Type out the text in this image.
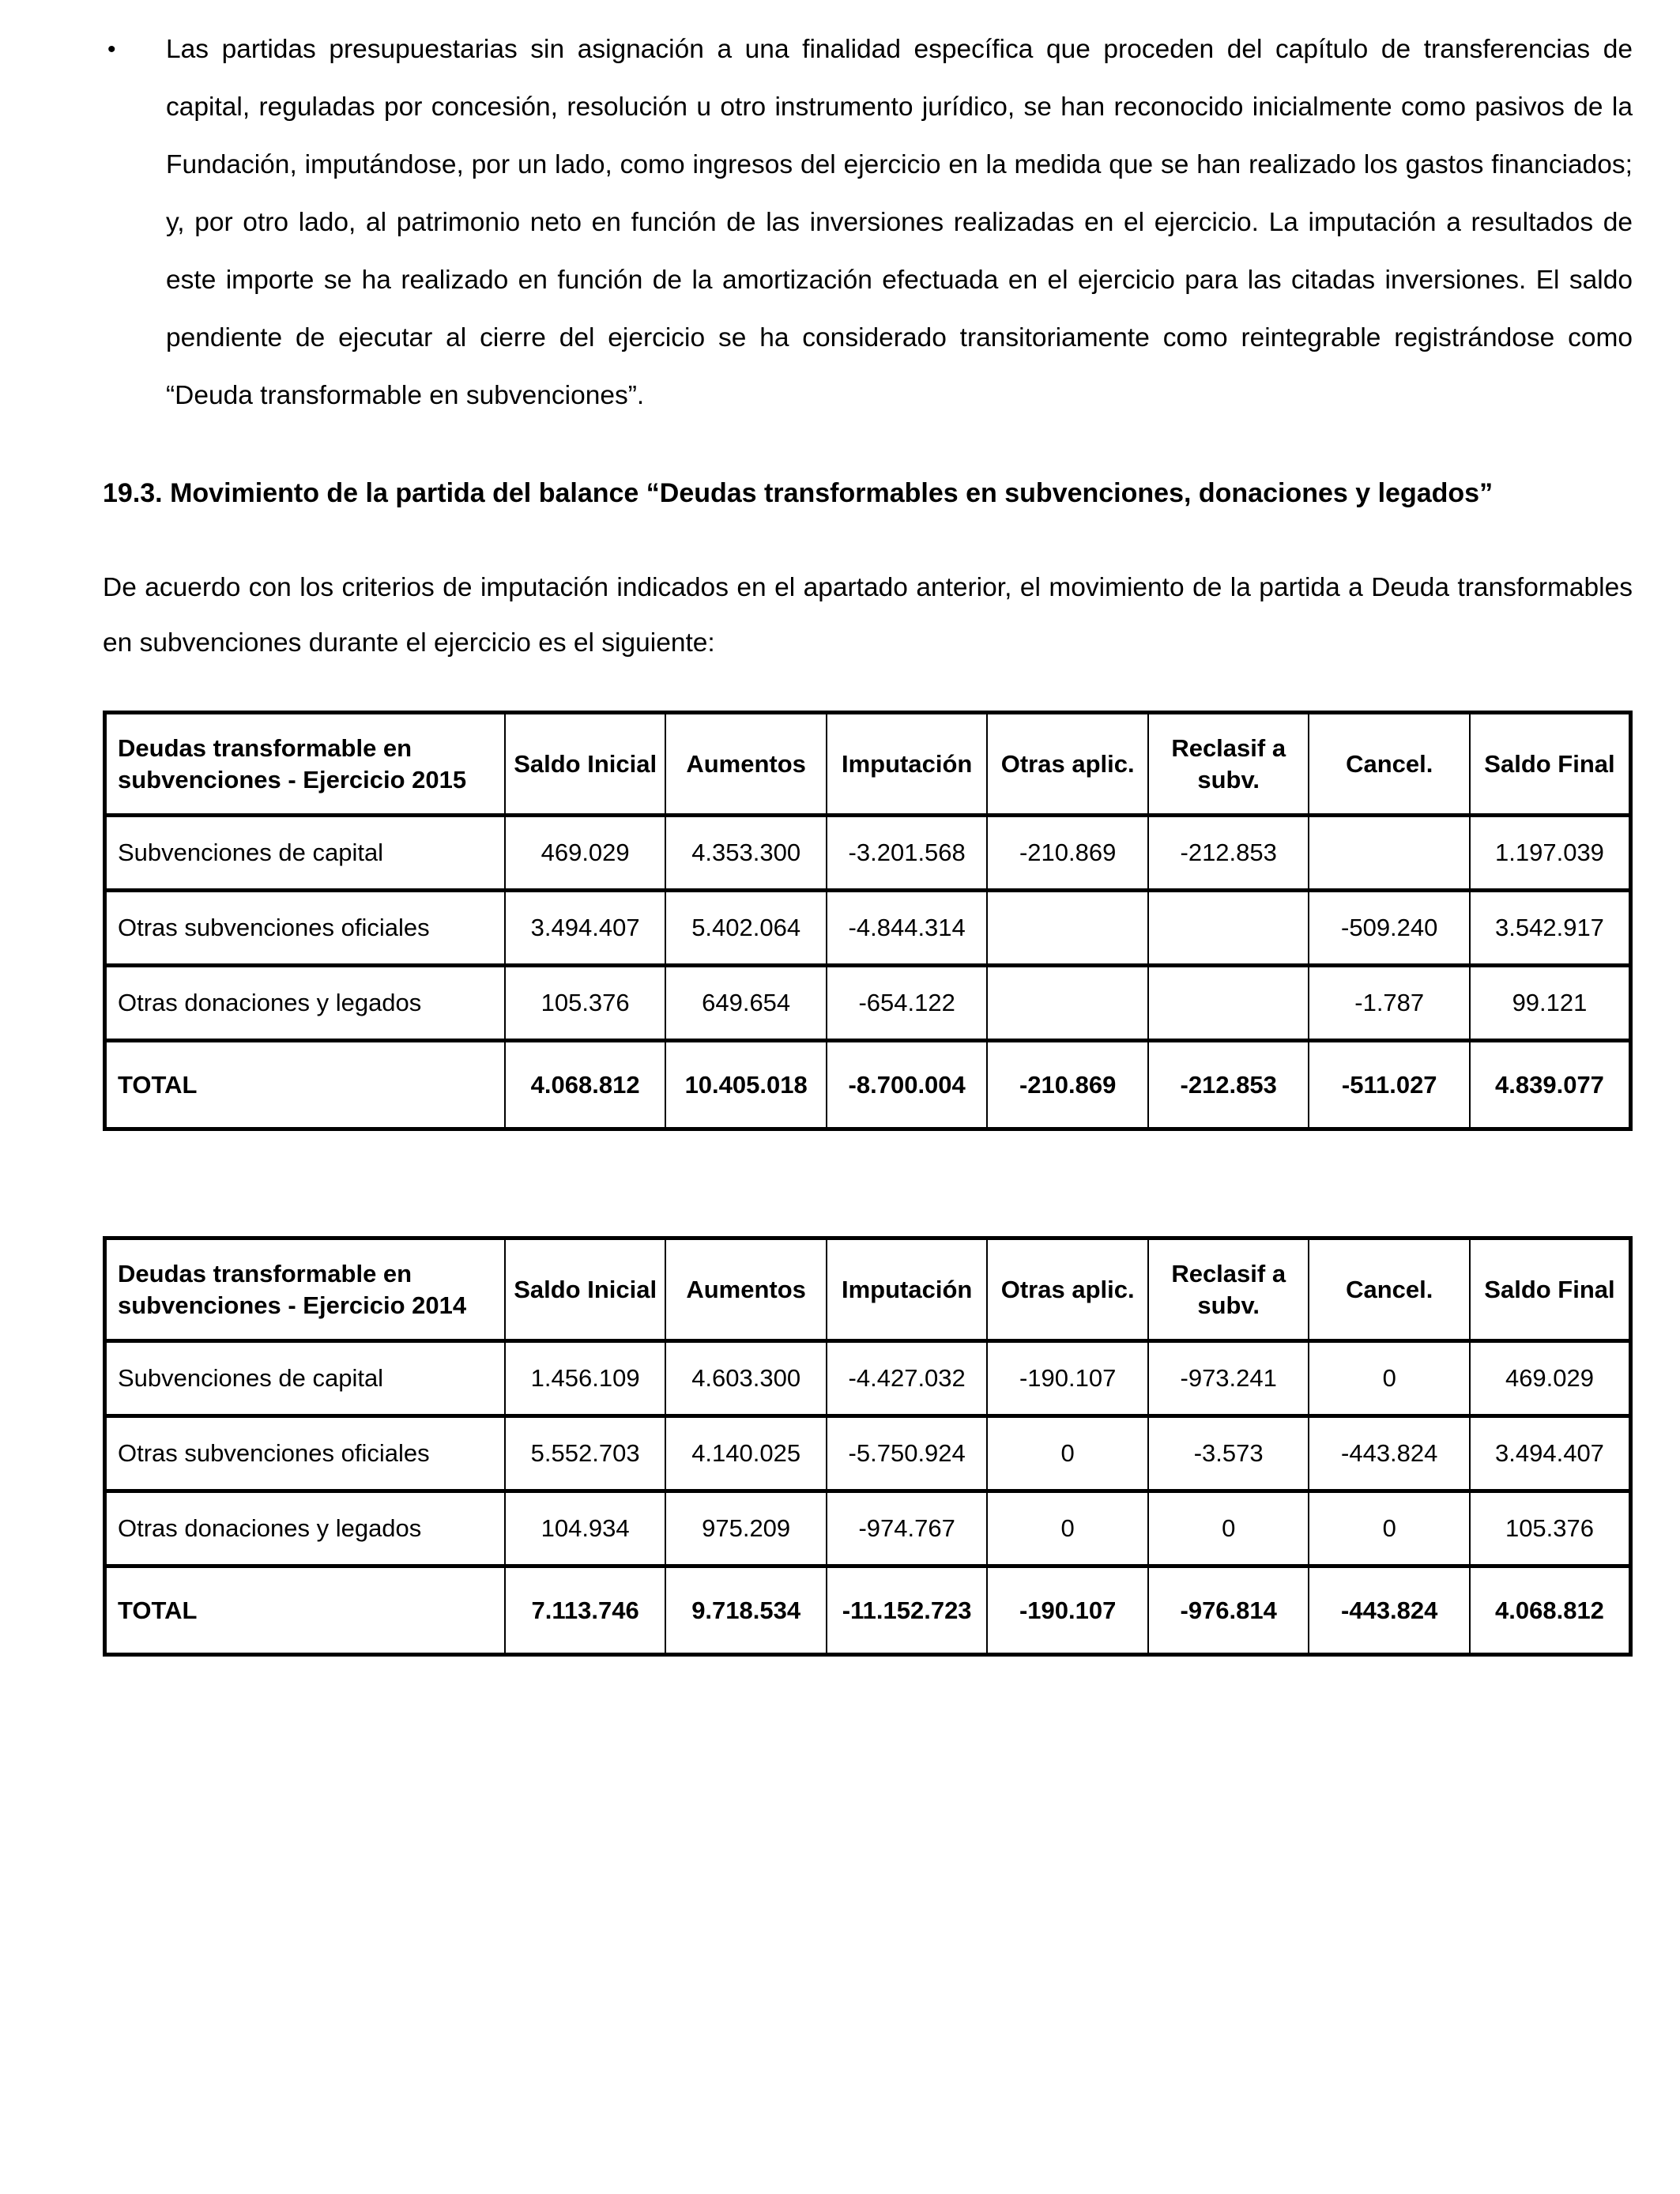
•	Las partidas presupuestarias sin asignación a una finalidad específica que proceden del capítulo de transferencias de capital, reguladas por concesión, resolución u otro instrumento jurídico, se han reconocido inicialmente como pasivos de la Fundación, imputándose, por un lado, como ingresos del ejercicio en la medida que se han realizado los gastos financiados; y, por otro lado, al patrimonio neto en función de las inversiones realizadas en el ejercicio. La imputación a resultados de este importe se ha realizado en función de la amortización efectuada en el ejercicio para las citadas inversiones. El saldo pendiente de ejecutar al cierre del ejercicio se ha considerado transitoriamente como reintegrable registrándose como “Deuda transformable en subvenciones”.

19.3. Movimiento de la partida del balance “Deudas transformables en subvenciones, donaciones y legados”

De acuerdo con los criterios de imputación indicados en el apartado anterior, el movimiento de la partida a Deuda transformables en subvenciones durante el ejercicio es el siguiente:

Deudas transformable en subvenciones - Ejercicio 2015	Saldo Inicial	Aumentos	Imputación	Otras aplic.	Reclasif a subv.	Cancel.	Saldo Final
Subvenciones de capital	469.029	4.353.300	-3.201.568	-210.869	-212.853		1.197.039
Otras subvenciones oficiales	3.494.407	5.402.064	-4.844.314			-509.240	3.542.917
Otras donaciones y legados	105.376	649.654	-654.122			-1.787	99.121
TOTAL	4.068.812	10.405.018	-8.700.004	-210.869	-212.853	-511.027	4.839.077
Deudas transformable en subvenciones - Ejercicio 2014	Saldo Inicial	Aumentos	Imputación	Otras aplic.	Reclasif a subv.	Cancel.	Saldo Final
Subvenciones de capital	1.456.109	4.603.300	-4.427.032	-190.107	-973.241	0	469.029
Otras subvenciones oficiales	5.552.703	4.140.025	-5.750.924	0	-3.573	-443.824	3.494.407
Otras donaciones y legados	104.934	975.209	-974.767	0	0	0	105.376
TOTAL	7.113.746	9.718.534	-11.152.723	-190.107	-976.814	-443.824	4.068.812
